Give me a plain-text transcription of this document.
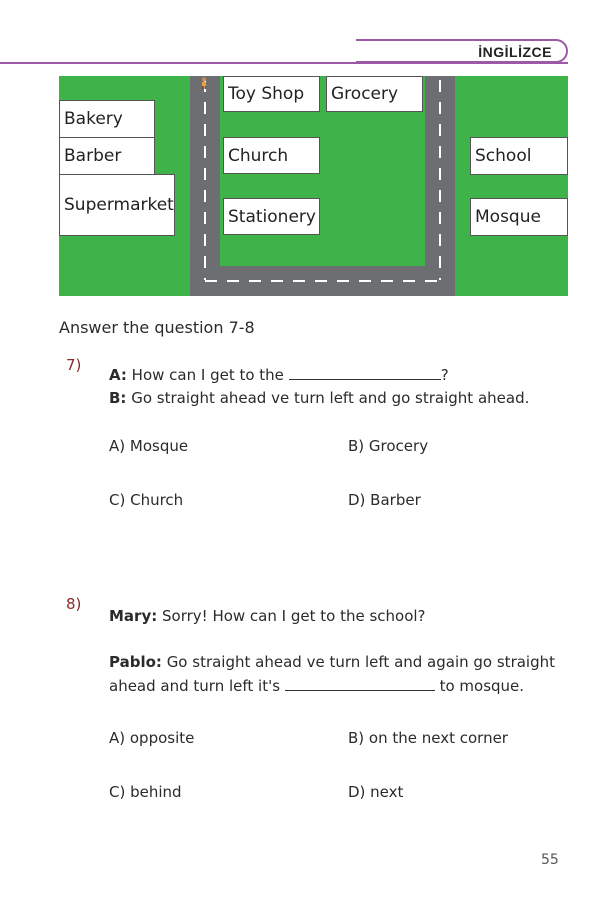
İNGİLİZCE
Toy Shop	Grocery
Bakery
Barber	Church	School
Supermarket
Stationery	Mosque
Answer the question 7-8
7)
A: How can I get to the	?
B: Go straight ahead ve turn left and go straight ahead.
A) Mosque	B) Grocery
C) Church	D) Barber
8)
Mary: Sorry! How can I get to the school?
Pablo: Go straight ahead ve turn left and again go straight
ahead and turn left it's	to mosque.
A) opposite	B) on the next corner
C) behind	D) next
55
